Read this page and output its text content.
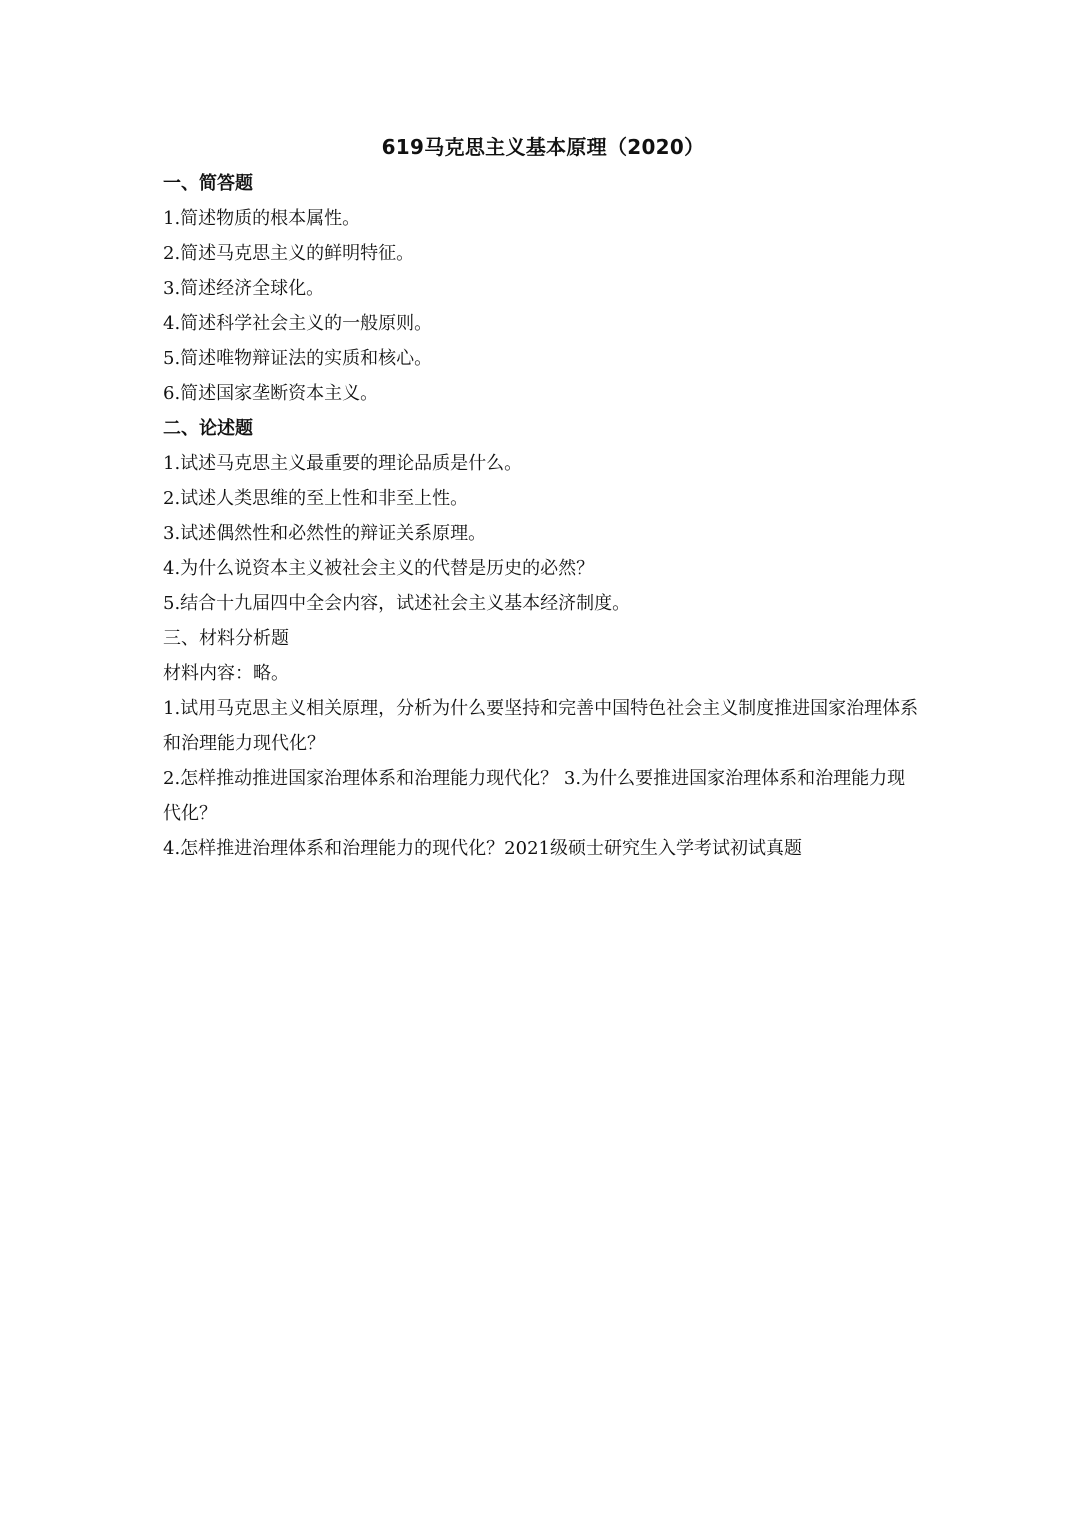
619马克思主义基本原理（2020）
一、简答题
1.简述物质的根本属性。
2.简述马克思主义的鲜明特征。
3.简述经济全球化。
4.简述科学社会主义的一般原则。
5.简述唯物辩证法的实质和核心。
6.简述国家垄断资本主义。
二、论述题
1.试述马克思主义最重要的理论品质是什么。
2.试述人类思维的至上性和非至上性。
3.试述偶然性和必然性的辩证关系原理。
4.为什么说资本主义被社会主义的代替是历史的必然？
5.结合十九届四中全会内容，试述社会主义基本经济制度。
三、材料分析题
材料内容：略。
1.试用马克思主义相关原理，分析为什么要坚持和完善中国特色社会主义制度推进国家治理体系和治理能力现代化？
2.怎样推动推进国家治理体系和治理能力现代化？ 3.为什么要推进国家治理体系和治理能力现代化？
4.怎样推进治理体系和治理能力的现代化？2021级硕士研究生入学考试初试真题
